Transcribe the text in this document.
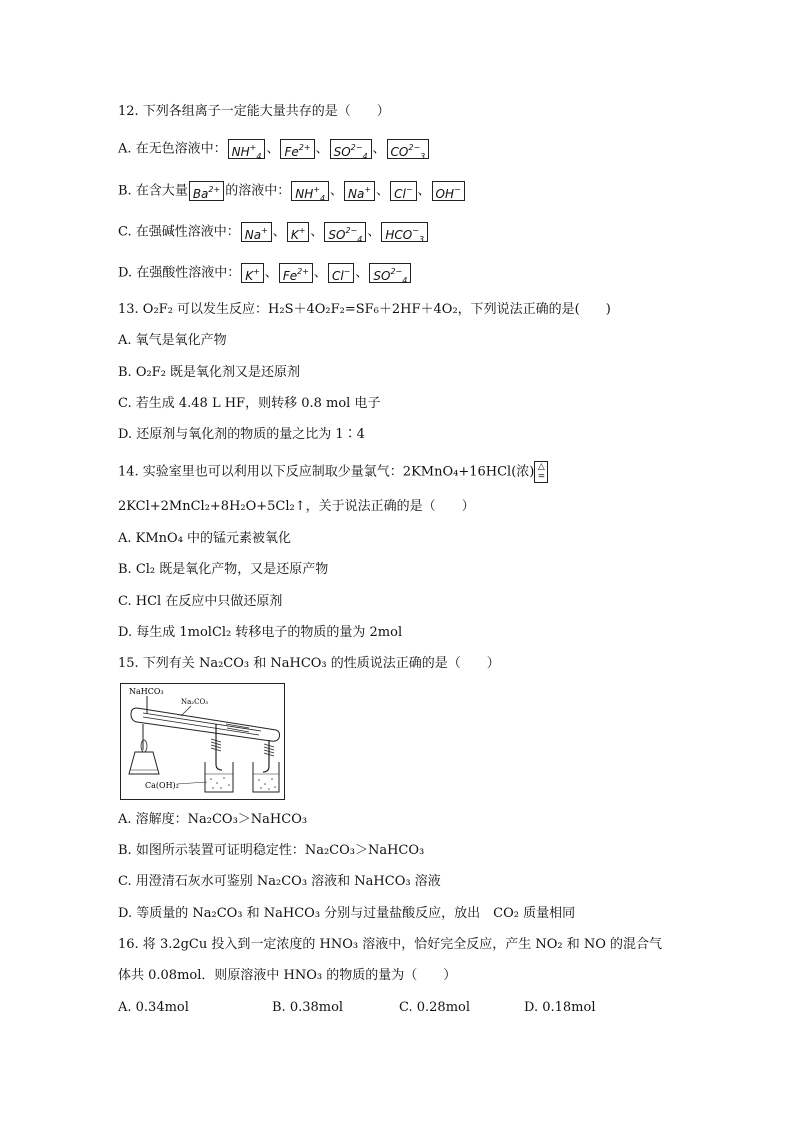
12. 下列各组离子一定能大量共存的是（　　）
A. 在无色溶液中： $NH^+_4$ 、 $Fe^{2+}$ 、 $SO^{2-}_4$ 、 $CO^{2-}_3$
B. 在含大量 $Ba^{2+}$ 的溶液中： $NH^+_4$ 、 Na+ 、 Cl− 、 OH−
C. 在强碱性溶液中： Na+ 、 K+ 、 $SO^{2-}_4$ 、 $HCO^-_3$
D. 在强酸性溶液中： K+ 、 $Fe^{2+}$ 、 Cl− 、 $SO^{2-}_4$
13. O₂F₂ 可以发生反应：H₂S＋4O₂F₂=SF₆＋2HF＋4O₂，下列说法正确的是(　　)
A. 氧气是氧化产物
B. O₂F₂ 既是氧化剂又是还原剂
C. 若生成 4.48 L HF，则转移 0.8 mol 电子
D. 还原剂与氧化剂的物质的量之比为 1∶4
14. 实验室里也可以利用以下反应制取少量氯气：2KMnO₄+16HCl(浓) △
=
2KCl+2MnCl₂+8H₂O+5Cl₂↑，关于说法正确的是（　　）
A. KMnO₄ 中的锰元素被氧化
B. Cl₂ 既是氧化产物，又是还原产物
C. HCl 在反应中只做还原剂
D. 每生成 1molCl₂ 转移电子的物质的量为 2mol
15. 下列有关 Na₂CO₃ 和 NaHCO₃ 的性质说法正确的是（　　）
NaHCO₃
Na₂CO₃
Ca(OH)₂
A. 溶解度：Na₂CO₃＞NaHCO₃
B. 如图所示装置可证明稳定性：Na₂CO₃＞NaHCO₃
C. 用澄清石灰水可鉴别 Na₂CO₃ 溶液和 NaHCO₃ 溶液
D. 等质量的 Na₂CO₃ 和 NaHCO₃ 分别与过量盐酸反应，放出　CO₂ 质量相同
16. 将 3.2gCu 投入到一定浓度的 HNO₃ 溶液中，恰好完全反应，产生 NO₂ 和 NO 的混合气
体共 0.08mol．则原溶液中 HNO₃ 的物质的量为（　　）
A. 0.34mol	B. 0.38mol	C. 0.28mol	D. 0.18mol
